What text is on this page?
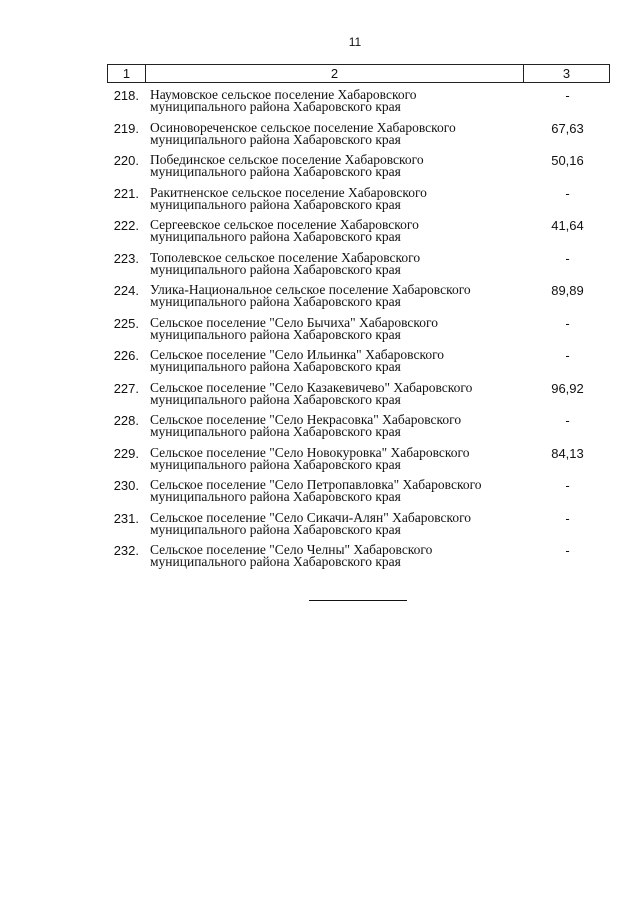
11
1	2	3
218. Наумовское сельское поселение Хабаровского
муниципального района Хабаровского края
-
219. Осиновореченское сельское поселение Хабаровского
муниципального района Хабаровского края
67,63
220. Побединское сельское поселение Хабаровского
муниципального района Хабаровского края
50,16
221. Ракитненское сельское поселение Хабаровского
муниципального района Хабаровского края
-
222. Сергеевское сельское поселение Хабаровского
муниципального района Хабаровского края
41,64
223. Тополевское сельское поселение Хабаровского
муниципального района Хабаровского края
-
224. Улика-Национальное сельское поселение Хабаровского
муниципального района Хабаровского края
89,89
225. Сельское поселение "Село Бычиха" Хабаровского
муниципального района Хабаровского края
-
226. Сельское поселение "Село Ильинка" Хабаровского
муниципального района Хабаровского края
-
227. Сельское поселение "Село Казакевичево" Хабаровского
муниципального района Хабаровского края
96,92
228. Сельское поселение "Село Некрасовка" Хабаровского
муниципального района Хабаровского края
-
229. Сельское поселение "Село Новокуровка" Хабаровского
муниципального района Хабаровского края
84,13
230. Сельское поселение "Село Петропавловка" Хабаровского
муниципального района Хабаровского края
-
231. Сельское поселение "Село Сикачи-Алян" Хабаровского
муниципального района Хабаровского края
-
232. Сельское поселение "Село Челны" Хабаровского
муниципального района Хабаровского края
-
